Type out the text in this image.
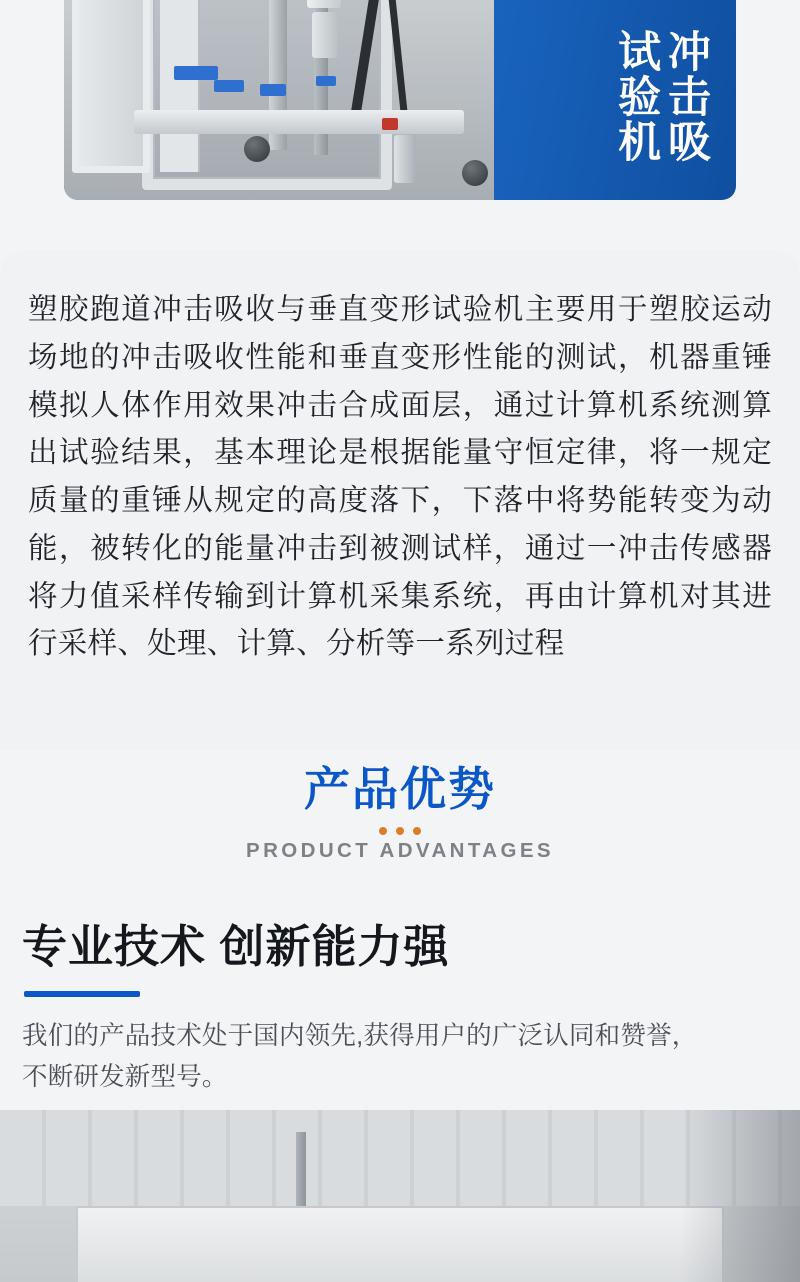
冲击吸
试验机

塑胶跑道冲击吸收与垂直变形试验机主要用于塑胶运动场地的冲击吸收性能和垂直变形性能的测试，机器重锤模拟人体作用效果冲击合成面层，通过计算机系统测算出试验结果，基本理论是根据能量守恒定律，将一规定质量的重锤从规定的高度落下，下落中将势能转变为动能，被转化的能量冲击到被测试样，通过一冲击传感器将力值采样传输到计算机采集系统，再由计算机对其进行采样、处理、计算、分析等一系列过程

产品优势
PRODUCT ADVANTAGES
专业技术 创新能力强
我们的产品技术处于国内领先,获得用户的广泛认同和赞誉，不断研发新型号。
